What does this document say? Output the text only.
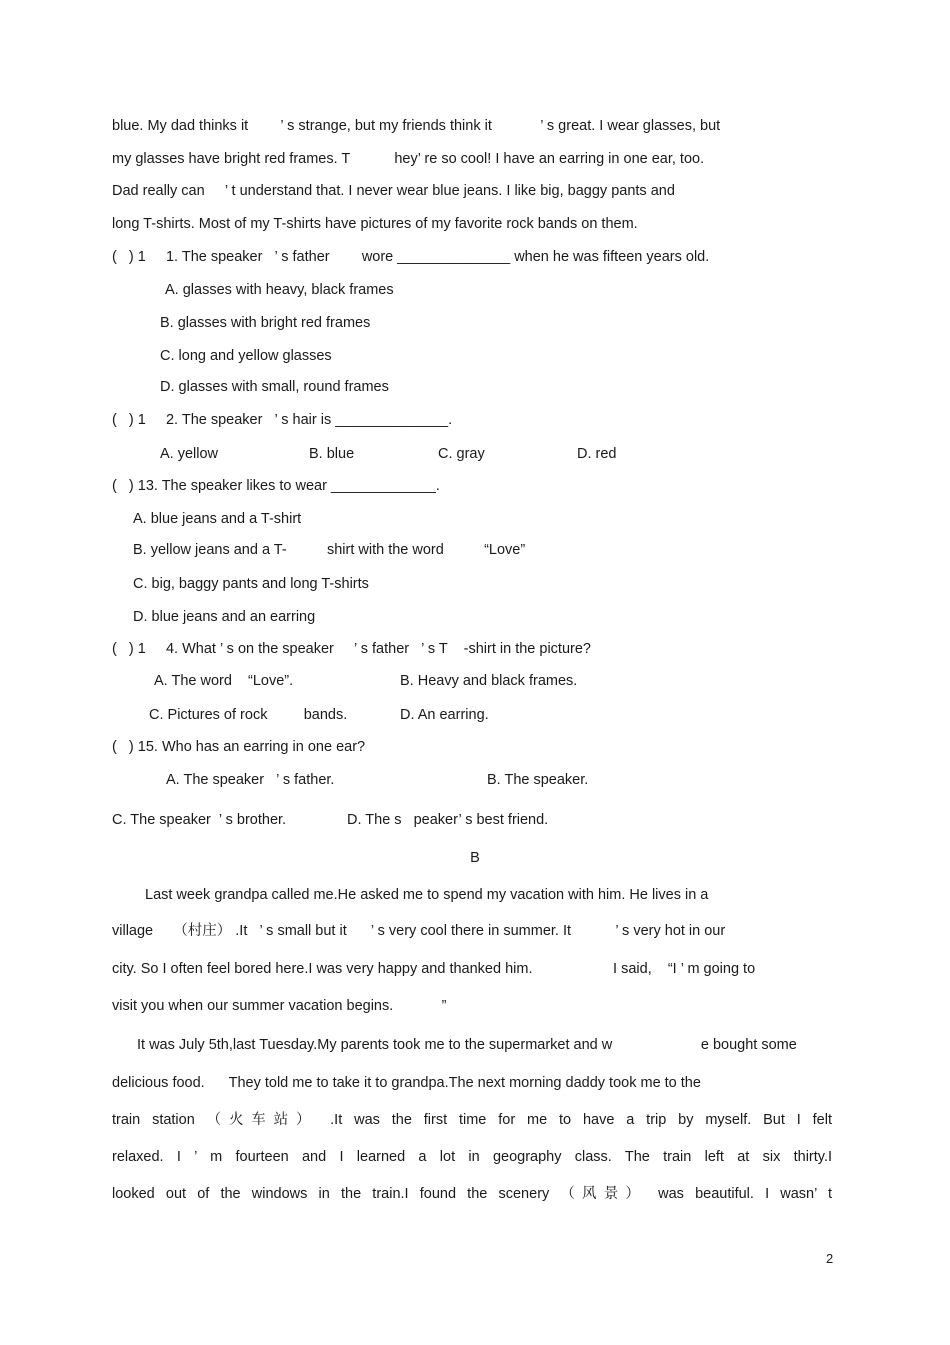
blue. My dad thinks it        ’ s strange, but my friends think it            ’ s great. I wear glasses, but
my glasses have bright red frames. T           hey’ re so cool! I have an earring in one ear, too.
Dad really can     ’ t understand that. I never wear blue jeans. I like big, baggy pants and
long T-shirts. Most of my T-shirts have pictures of my favorite rock bands on them.
(   ) 1     1. The speaker   ’ s father        wore ______________ when he was fifteen years old.
A. glasses with heavy, black frames
B. glasses with bright red frames
C. long and yellow glasses
D. glasses with small, round frames
(   ) 1     2. The speaker   ’ s hair is ______________.
A. yellow	B. blue	C. gray	D. red
(   ) 13. The speaker likes to wear _____________.
A. blue jeans and a T-shirt
B. yellow jeans and a T-          shirt with the word          “Love”
C. big, baggy pants and long T-shirts
D. blue jeans and an earring
(   ) 1     4. What ’ s on the speaker     ’ s father   ’ s T    -shirt in the picture?
A. The word    “Love”.	B. Heavy and black frames.
C. Pictures of rock         bands.	D. An earring.
(   ) 15. Who has an earring in one ear?
A. The speaker   ’ s father.	B. The speaker.
C. The speaker  ’ s brother.	D. The s   peaker’ s best friend.
B
Last week grandpa called me.He asked me to spend my vacation with him. He lives in a
village     （村庄） .It   ’ s small but it      ’ s very cool there in summer. It           ’ s very hot in our
city. So I often feel bored here.I was very happy and thanked him.                    I said,    “I ’ m going to
visit you when our summer vacation begins.            ”
It was July 5th,last Tuesday.My parents took me to the supermarket and w                      e bought some
delicious food.      They told me to take it to grandpa.The next morning daddy took me to the
train station （火车站） .It was the first time for me to have a trip by myself. But I felt
relaxed. I ’ m fourteen and I learned a lot in geography class. The train left at six thirty.I
looked out of the windows in the train.I found the scenery （风景） was beautiful. I wasn’ t
2
